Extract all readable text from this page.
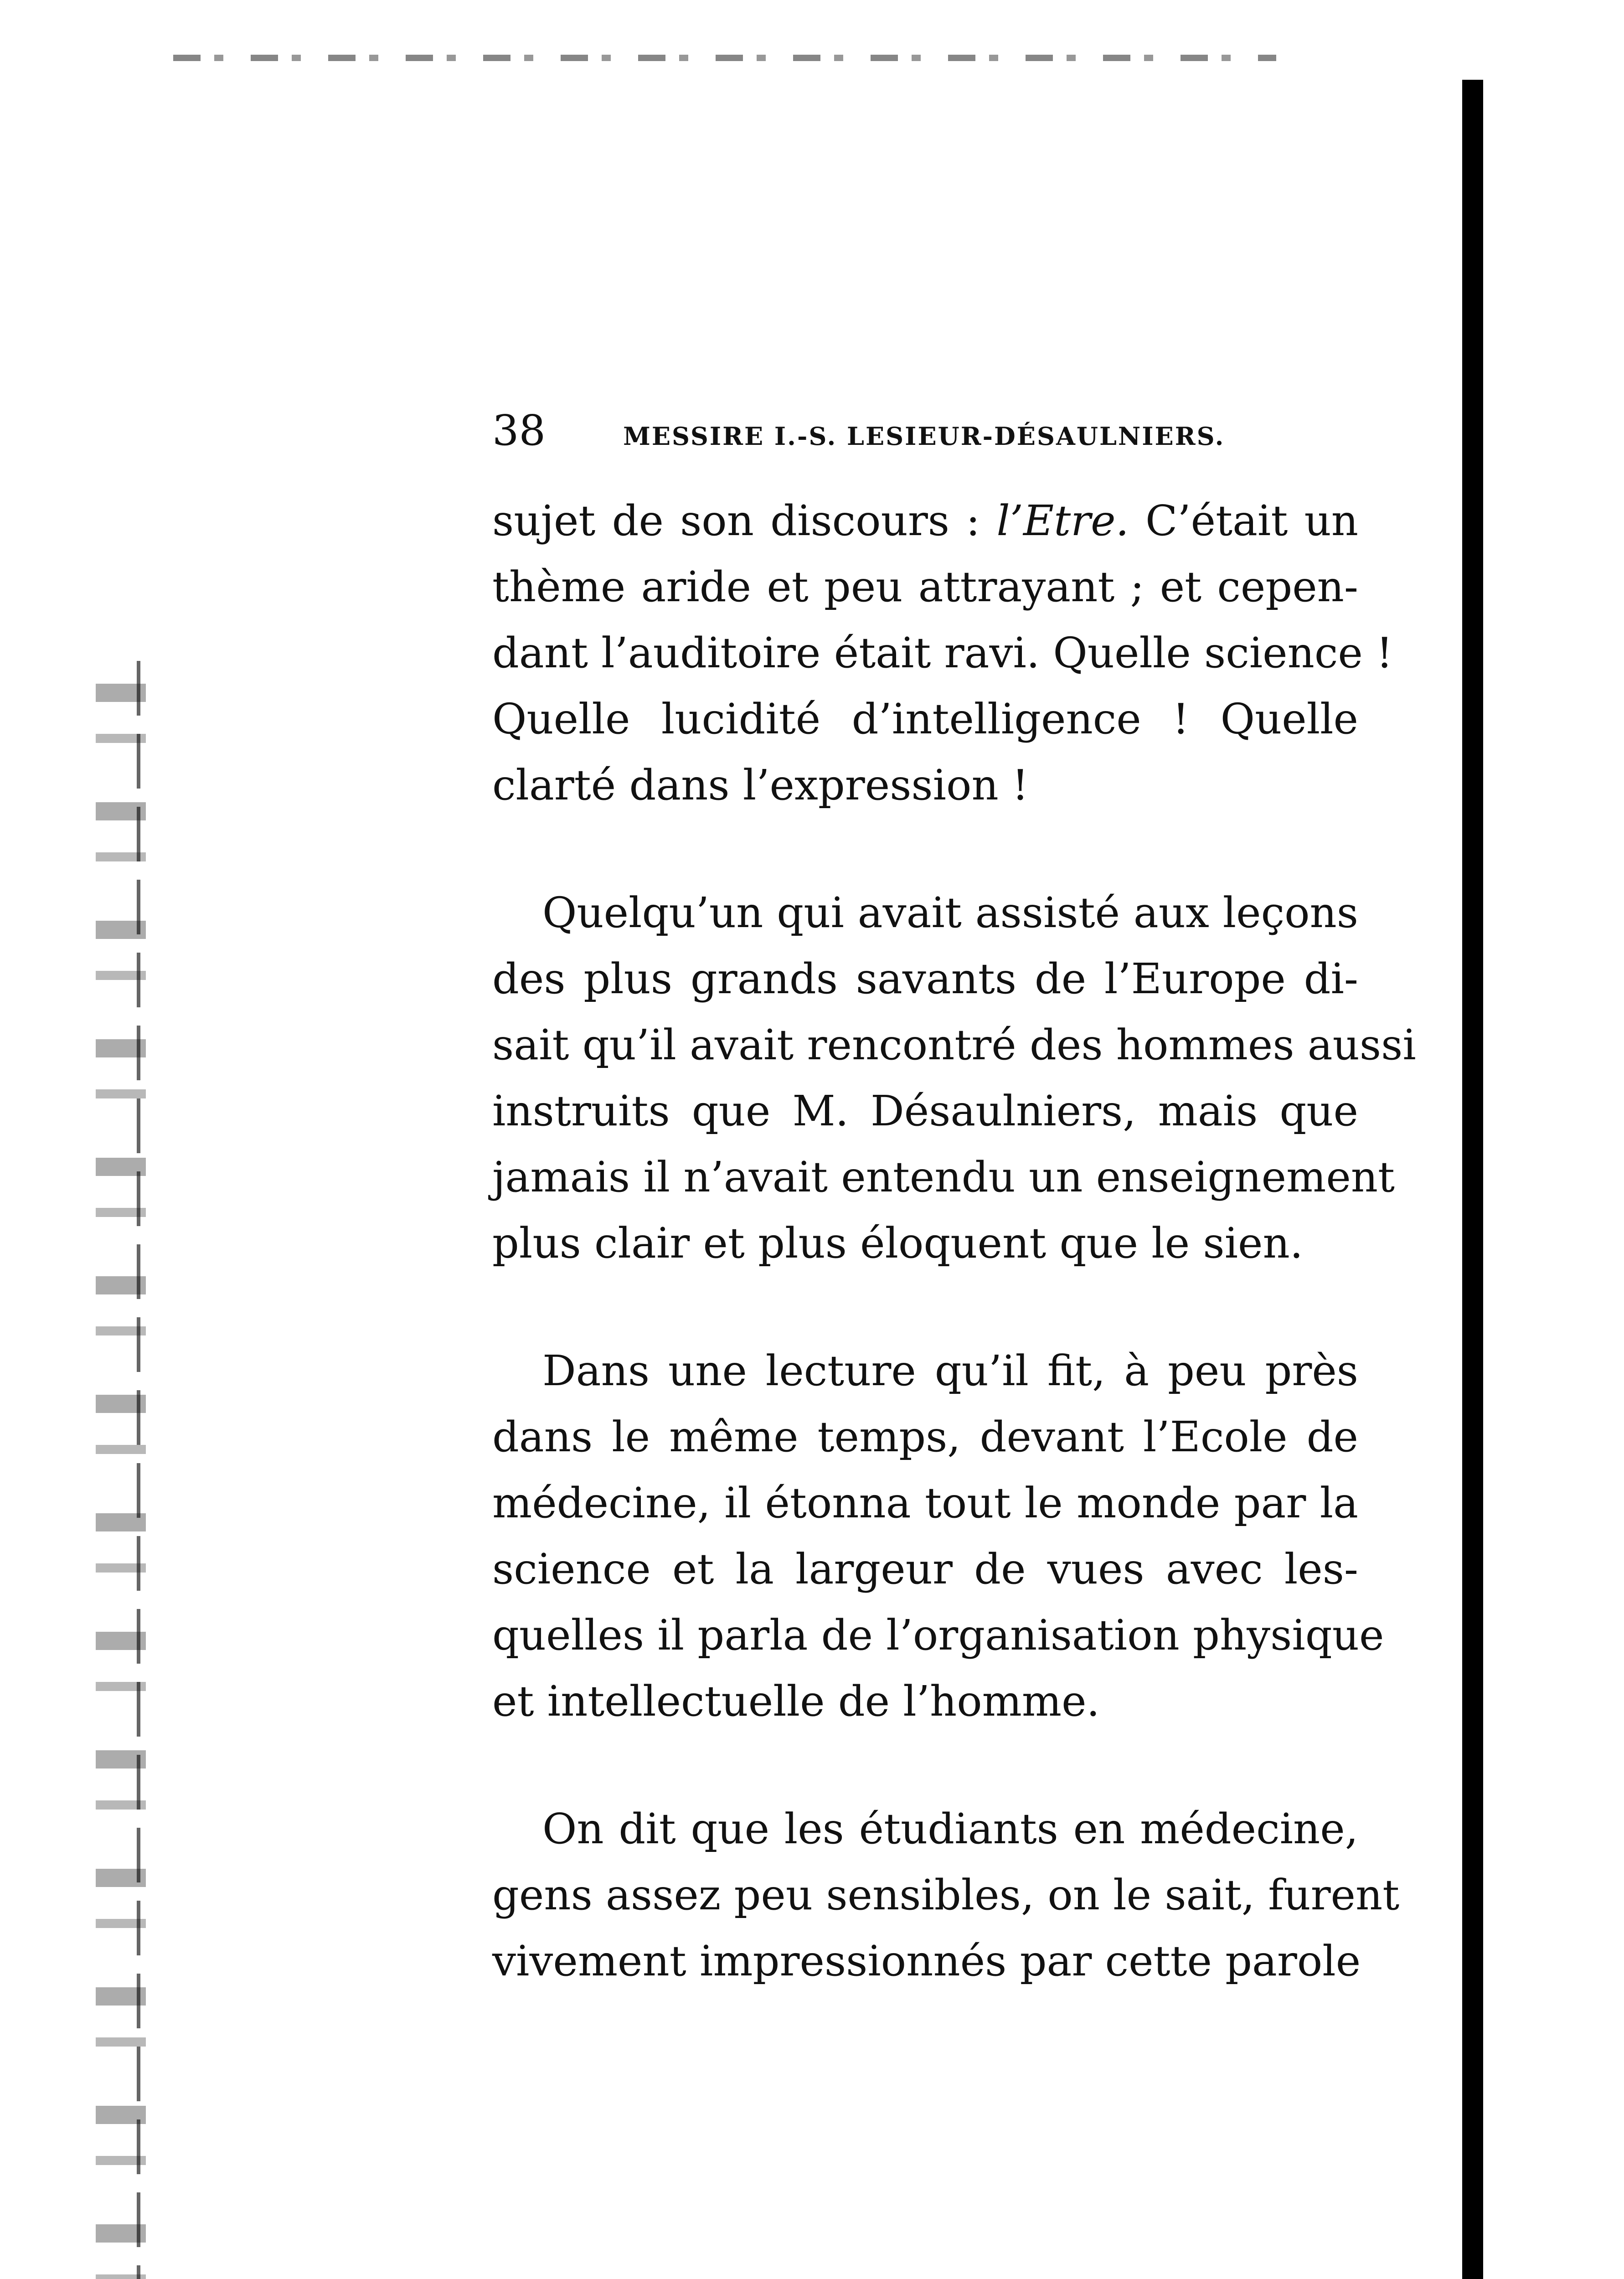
38	MESSIRE I.-S. LESIEUR-DÉSAULNIERS.

sujet de son discours : l’Etre. C’était un
thème aride et peu attrayant ; et cepen-
dant l’auditoire était ravi. Quelle science !
Quelle lucidité d’intelligence ! Quelle
clarté dans l’expression !

Quelqu’un qui avait assisté aux leçons
des plus grands savants de l’Europe di-
sait qu’il avait rencontré des hommes aussi
instruits que M. Désaulniers, mais que
jamais il n’avait entendu un enseignement
plus clair et plus éloquent que le sien.

Dans une lecture qu’il fit, à peu près
dans le même temps, devant l’Ecole de
médecine, il étonna tout le monde par la
science et la largeur de vues avec les-
quelles il parla de l’organisation physique
et intellectuelle de l’homme.

On dit que les étudiants en médecine,
gens assez peu sensibles, on le sait, furent
vivement impressionnés par cette parole
